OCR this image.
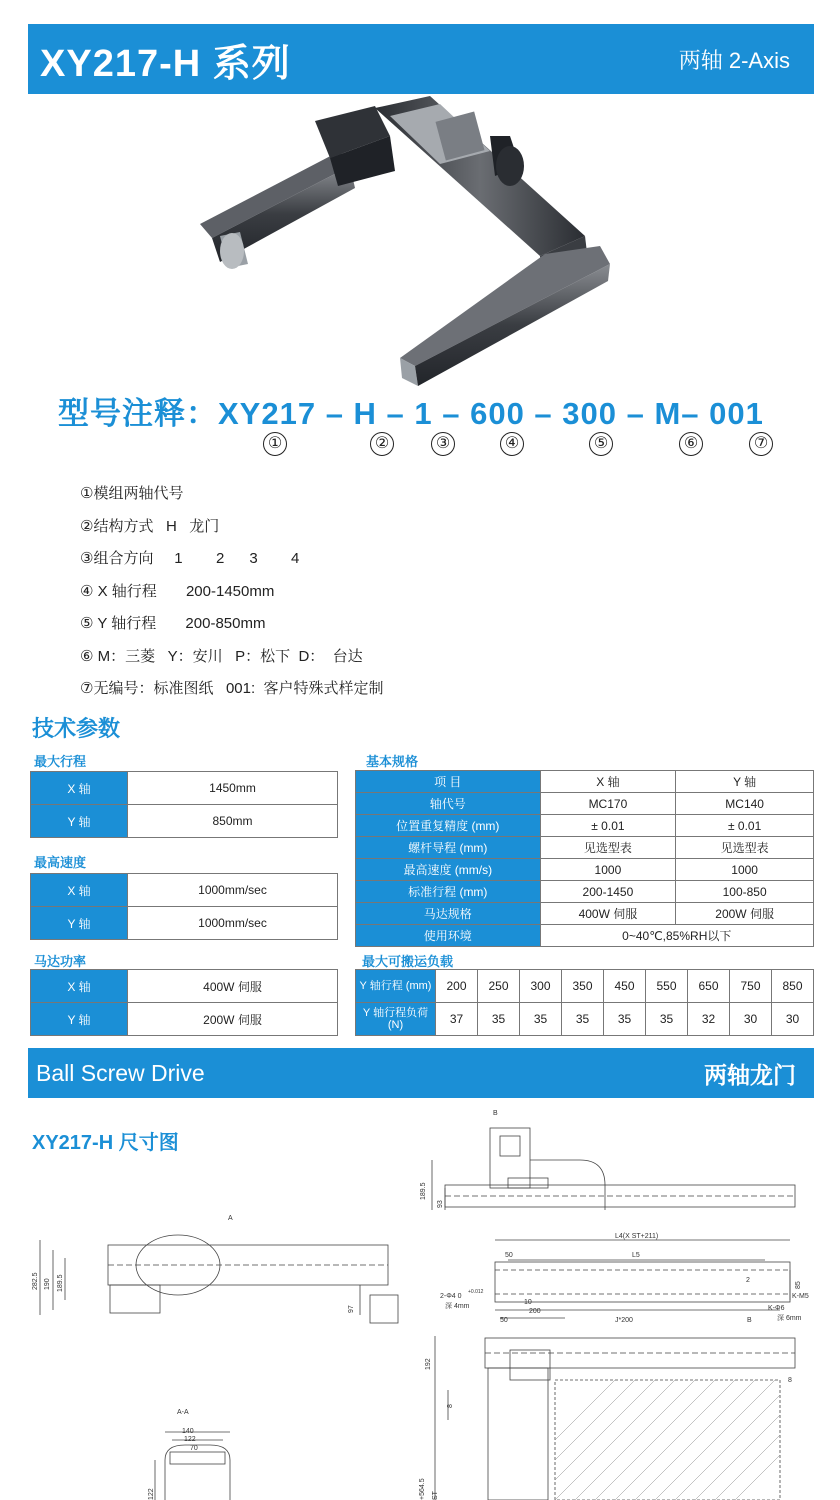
XY217-H 系列	两轴 2-Axis
型号注释：XY217 – H – 1 – 600 – 300 – M– 001
①	②	③	④	⑤	⑥	⑦
①模组两轴代号
②结构方式   H   龙门
③组合方向     1        2      3        4
④ X 轴行程       200-1450mm
⑤ Y 轴行程       200-850mm
⑥ M：三菱   Y：安川   P：松下  D：  台达
⑦无编号：标准图纸   001:  客户特殊式样定制
技术参数
最大行程
X 轴	1450mm
Y 轴	850mm
最高速度
X 轴	1000mm/sec
Y 轴	1000mm/sec
马达功率
X 轴	400W 伺服
Y 轴	200W 伺服
基本规格
项 目	X 轴	Y 轴
轴代号	MC170	MC140
位置重复精度 (mm)	± 0.01	± 0.01
螺杆导程 (mm)	见选型表	见选型表
最高速度 (mm/s)	1000	1000
标准行程 (mm)	200-1450	100-850
马达规格	400W 伺服	200W 伺服
使用环境	0~40℃,85%RH以下	
最大可搬运负载
Y 轴行程 (mm)	200	250	300	350	450	550	650	750	850
Y 轴行程负荷 (N)	37	35	35	35	35	35	32	30	30
Ball Screw Drive	两轴龙门
B
189.5
93
A
282.5 190 189.5
97
L4(X ST+211)
L5
50
2-Φ4 0
+0.012
深 4mm
10
200
50	J*200	B
2
85
K-M5
K-Φ6
深 6mm
192
8
8
A-A
140
122
70
122	+564.5 ST
XY217-H 尺寸图
